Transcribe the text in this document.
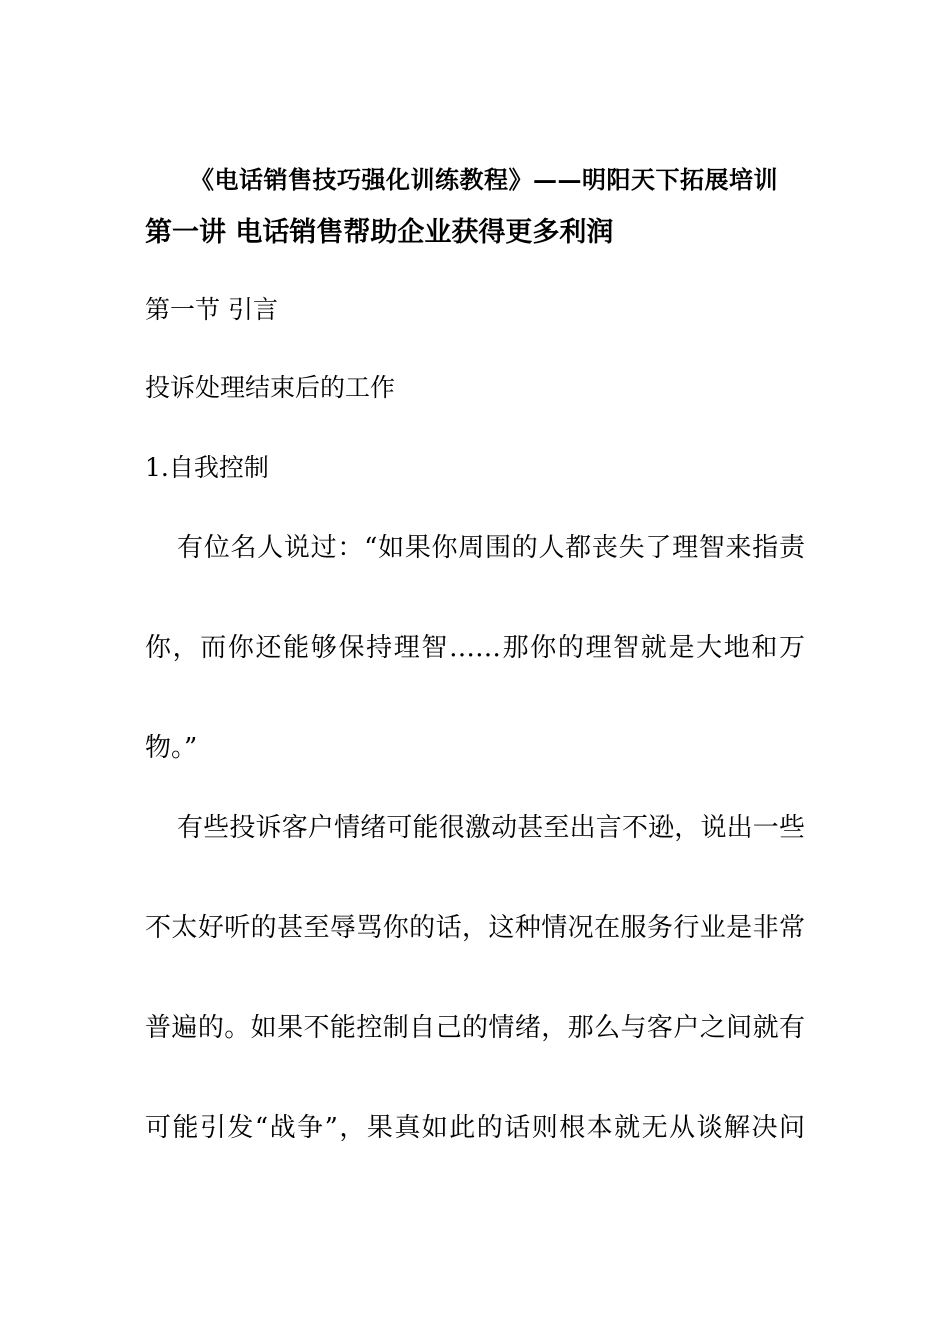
《电话销售技巧强化训练教程》——明阳天下拓展培训

第一讲 电话销售帮助企业获得更多利润

第一节 引言

投诉处理结束后的工作

1.自我控制

有位名人说过：“如果你周围的人都丧失了理智来指责

你，而你还能够保持理智……那你的理智就是大地和万

物。”

有些投诉客户情绪可能很激动甚至出言不逊，说出一些

不太好听的甚至辱骂你的话，这种情况在服务行业是非常

普遍的。如果不能控制自己的情绪，那么与客户之间就有

可能引发“战争”，果真如此的话则根本就无从谈解决问
